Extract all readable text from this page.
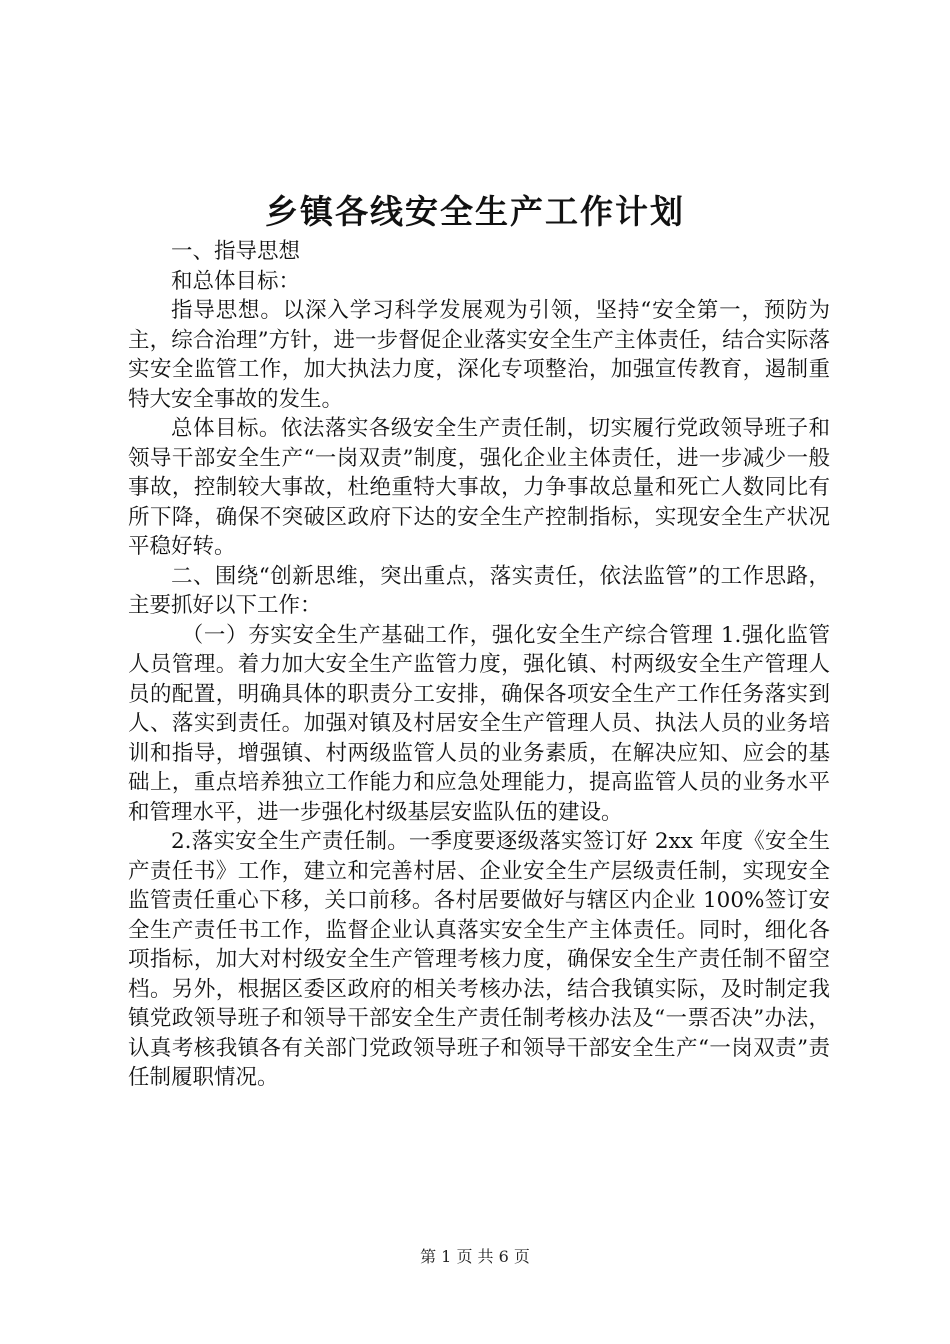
乡镇各线安全生产工作计划

一、指导思想

和总体目标：

指导思想。以深入学习科学发展观为引领，坚持“安全第一，预防为主，综合治理”方针，进一步督促企业落实安全生产主体责任，结合实际落实安全监管工作，加大执法力度，深化专项整治，加强宣传教育，遏制重特大安全事故的发生。

总体目标。依法落实各级安全生产责任制，切实履行党政领导班子和领导干部安全生产“一岗双责”制度，强化企业主体责任，进一步减少一般事故，控制较大事故，杜绝重特大事故，力争事故总量和死亡人数同比有所下降，确保不突破区政府下达的安全生产控制指标，实现安全生产状况平稳好转。

二、围绕“创新思维，突出重点，落实责任，依法监管”的工作思路，主要抓好以下工作：

（一）夯实安全生产基础工作，强化安全生产综合管理 1.强化监管人员管理。着力加大安全生产监管力度，强化镇、村两级安全生产管理人员的配置，明确具体的职责分工安排，确保各项安全生产工作任务落实到人、落实到责任。加强对镇及村居安全生产管理人员、执法人员的业务培训和指导，增强镇、村两级监管人员的业务素质，在解决应知、应会的基础上，重点培养独立工作能力和应急处理能力，提高监管人员的业务水平和管理水平，进一步强化村级基层安监队伍的建设。

2.落实安全生产责任制。一季度要逐级落实签订好 2xx 年度《安全生产责任书》工作，建立和完善村居、企业安全生产层级责任制，实现安全监管责任重心下移，关口前移。各村居要做好与辖区内企业 100%签订安全生产责任书工作，监督企业认真落实安全生产主体责任。同时，细化各项指标，加大对村级安全生产管理考核力度，确保安全生产责任制不留空档。另外，根据区委区政府的相关考核办法，结合我镇实际，及时制定我镇党政领导班子和领导干部安全生产责任制考核办法及“一票否决”办法，认真考核我镇各有关部门党政领导班子和领导干部安全生产“一岗双责”责任制履职情况。

第 1 页 共 6 页
